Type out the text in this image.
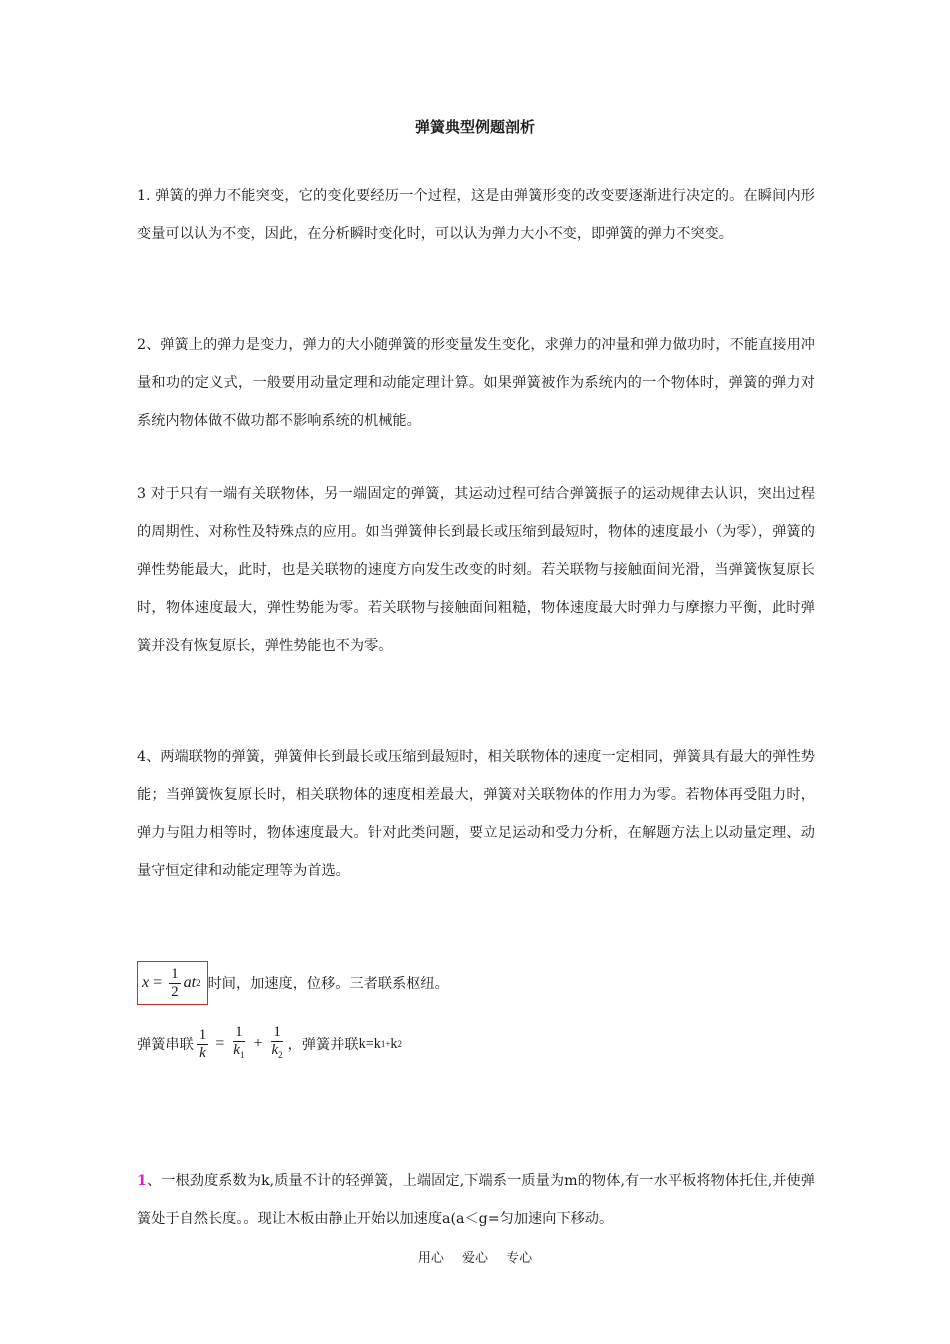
弹簧典型例题剖析
1. 弹簧的弹力不能突变，它的变化要经历一个过程，这是由弹簧形变的改变要逐渐进行决定的。在瞬间内形变量可以认为不变，因此，在分析瞬时变化时，可以认为弹力大小不变，即弹簧的弹力不突变。
2、弹簧上的弹力是变力，弹力的大小随弹簧的形变量发生变化，求弹力的冲量和弹力做功时，不能直接用冲量和功的定义式，一般要用动量定理和动能定理计算。如果弹簧被作为系统内的一个物体时，弹簧的弹力对系统内物体做不做功都不影响系统的机械能。
3 对于只有一端有关联物体，另一端固定的弹簧，其运动过程可结合弹簧振子的运动规律去认识，突出过程的周期性、对称性及特殊点的应用。如当弹簧伸长到最长或压缩到最短时，物体的速度最小（为零），弹簧的弹性势能最大，此时，也是关联物的速度方向发生改变的时刻。若关联物与接触面间光滑，当弹簧恢复原长时，物体速度最大，弹性势能为零。若关联物与接触面间粗糙，物体速度最大时弹力与摩擦力平衡，此时弹簧并没有恢复原长，弹性势能也不为零。
4、两端联物的弹簧，弹簧伸长到最长或压缩到最短时，相关联物体的速度一定相同，弹簧具有最大的弹性势能；当弹簧恢复原长时，相关联物体的速度相差最大，弹簧对关联物体的作用力为零。若物体再受阻力时，弹力与阻力相等时，物体速度最大。针对此类问题，要立足运动和受力分析，在解题方法上以动量定理、动量守恒定律和动能定理等为首选。
$x = \frac{1}{2}$ at 2 时间，加速度，位移。三者联系枢纽。
弹簧串联 $\frac{1}{k} = \frac{1}{k_1} + \frac{1}{k_2}$ ，弹簧并联 k=k 1 + k 2
1、一根劲度系数为k,质量不计的轻弹簧，上端固定,下端系一质量为m的物体,有一水平板将物体托住,并使弹簧处于自然长度。。现让木板由静止开始以加速度a(a＜g=匀加速向下移动。
用心 爱心 专心
